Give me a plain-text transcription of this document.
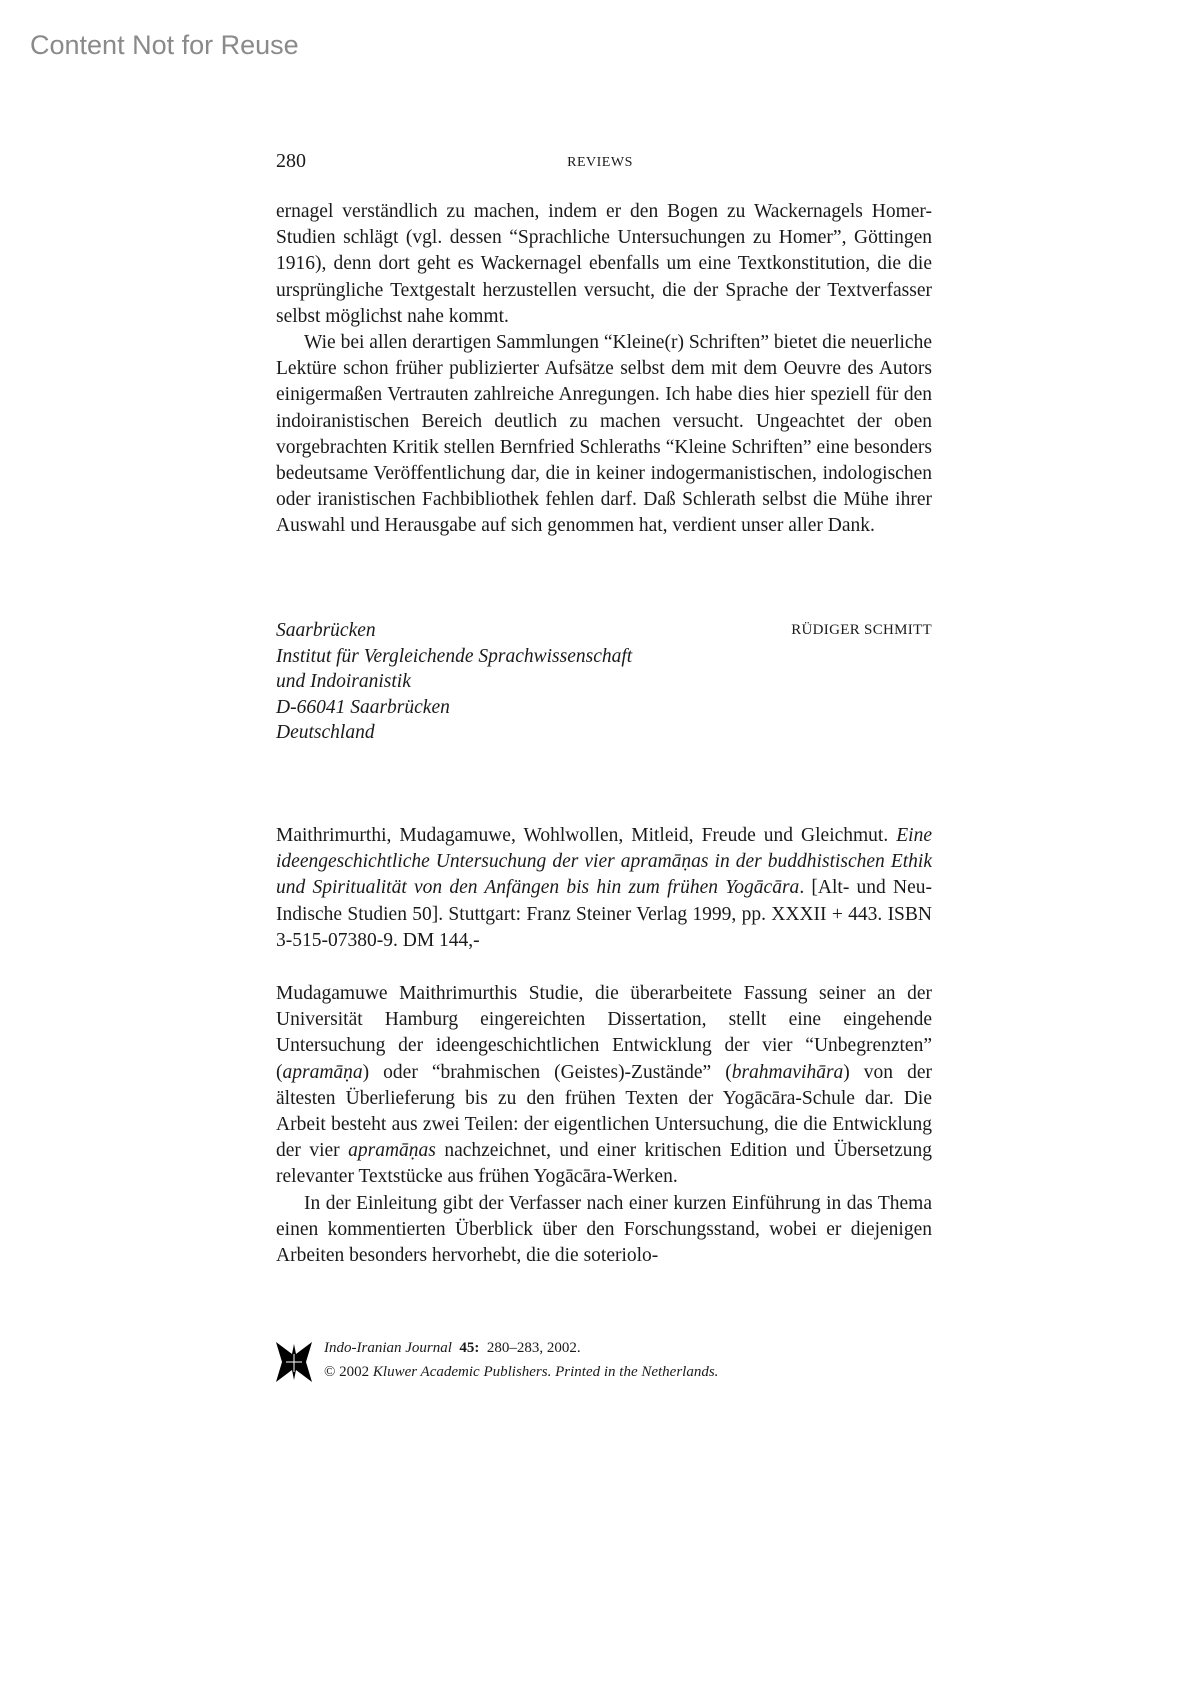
Content Not for Reuse
280	REVIEWS

ernagel verständlich zu machen, indem er den Bogen zu Wackernagels Homer-Studien schlägt (vgl. dessen “Sprachliche Untersuchungen zu Homer”, Göttingen 1916), denn dort geht es Wackernagel ebenfalls um eine Textkonstitution, die die ursprüngliche Textgestalt herzustellen versucht, die der Sprache der Textverfasser selbst möglichst nahe kommt.

Wie bei allen derartigen Sammlungen “Kleine(r) Schriften” bietet die neuerliche Lektüre schon früher publizierter Aufsätze selbst dem mit dem Oeuvre des Autors einigermaßen Vertrauten zahlreiche Anregungen. Ich habe dies hier speziell für den indoiranistischen Bereich deutlich zu machen versucht. Ungeachtet der oben vorgebrachten Kritik stellen Bernfried Schleraths “Kleine Schriften” eine besonders bedeutsame Veröffentlichung dar, die in keiner indogermanistischen, indologischen oder iranistischen Fachbibliothek fehlen darf. Daß Schlerath selbst die Mühe ihrer Auswahl und Herausgabe auf sich genommen hat, verdient unser aller Dank.

Saarbrücken	RÜDIGER SCHMITT
Institut für Vergleichende Sprachwissenschaft
und Indoiranistik
D-66041 Saarbrücken
Deutschland

Maithrimurthi, Mudagamuwe, Wohlwollen, Mitleid, Freude und Gleichmut. Eine ideengeschichtliche Untersuchung der vier apramāṇas in der buddhistischen Ethik und Spiritualität von den Anfängen bis hin zum frühen Yogācāra. [Alt- und Neu-Indische Studien 50]. Stuttgart: Franz Steiner Verlag 1999, pp. XXXII + 443. ISBN 3-515-07380-9. DM 144,-

Mudagamuwe Maithrimurthis Studie, die überarbeitete Fassung seiner an der Universität Hamburg eingereichten Dissertation, stellt eine eingehende Untersuchung der ideengeschichtlichen Entwicklung der vier “Unbegrenzten” (apramāṇa) oder “brahmischen (Geistes)-Zustände” (brahmavihāra) von der ältesten Überlieferung bis zu den frühen Texten der Yogācāra-Schule dar. Die Arbeit besteht aus zwei Teilen: der eigentlichen Untersuchung, die die Entwicklung der vier apramāṇas nachzeichnet, und einer kritischen Edition und Übersetzung relevanter Textstücke aus frühen Yogācāra-Werken.

In der Einleitung gibt der Verfasser nach einer kurzen Einführung in das Thema einen kommentierten Überblick über den Forschungsstand, wobei er diejenigen Arbeiten besonders hervorhebt, die die soteriolo-

Indo-Iranian Journal 45: 280–283, 2002.
© 2002 Kluwer Academic Publishers. Printed in the Netherlands.
